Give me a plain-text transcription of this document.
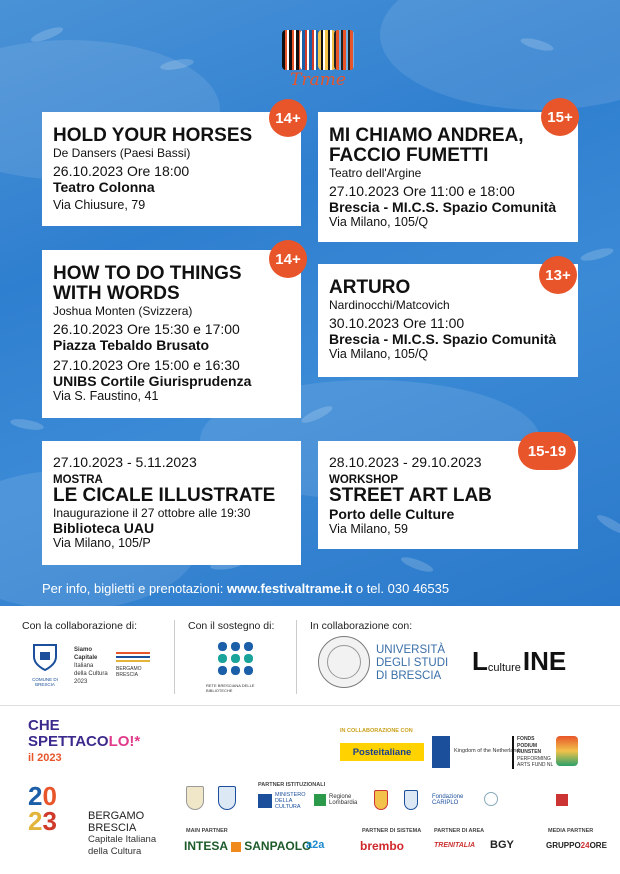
Trame
HOLD YOUR HORSES
De Dansers (Paesi Bassi)
26.10.2023 Ore 18:00
Teatro Colonna
Via Chiusure, 79
14+
MI CHIAMO ANDREA,
FACCIO FUMETTI
Teatro dell'Argine
27.10.2023 Ore 11:00 e 18:00
Brescia - MI.C.S. Spazio Comunità
Via Milano, 105/Q
15+
HOW TO DO THINGS
WITH WORDS
Joshua Monten (Svizzera)
26.10.2023 Ore 15:30 e 17:00
Piazza Tebaldo Brusato
27.10.2023 Ore 15:00 e 16:30
UNIBS Cortile Giurisprudenza
Via S. Faustino, 41
14+
ARTURO
Nardinocchi/Matcovich
30.10.2023 Ore 11:00
Brescia - MI.C.S. Spazio Comunità
Via Milano, 105/Q
13+
27.10.2023 - 5.11.2023
MOSTRA
LE CICALE ILLUSTRATE
Inaugurazione il 27 ottobre alle 19:30
Biblioteca UAU
Via Milano, 105/P
28.10.2023 - 29.10.2023
WORKSHOP
STREET ART LAB
Porto delle Culture
Via Milano, 59
15-19
Per info, biglietti e prenotazioni: www.festivaltrame.it o tel. 030 46535
Con la collaborazione di:	Con il sostegno di:	In collaborazione con:
COMUNE DI BRESCIA
Siamo
Capitale
Italiana
della Cultura
2023
BERGAMO BRESCIA
RETE BRESCIANA DELLE BIBLIOTECHE
UNIVERSITÀ
DEGLI STUDI
DI BRESCIA L culture INE
CHE
SPETTACOLO!*
il 2023
IN COLLABORAZIONE CON
Posteitaliane	Kingdom of the Netherlands
FONDS
PODIUM
KUNSTEN
PERFORMING
ARTS FUND NL
20
23	BERGAMO
BRESCIA
Capitale Italiana
della Cultura
PARTNER ISTITUZIONALI
MINISTERO DELLA CULTURA
Regione Lombardia
Fondazione CARIPLO
MAIN PARTNER
INTESA SANPAOLO
a2a
PARTNER DI SISTEMA
brembo
PARTNER DI AREA
TRENITALIA BGY
MEDIA PARTNER
GRUPPO24ORE
